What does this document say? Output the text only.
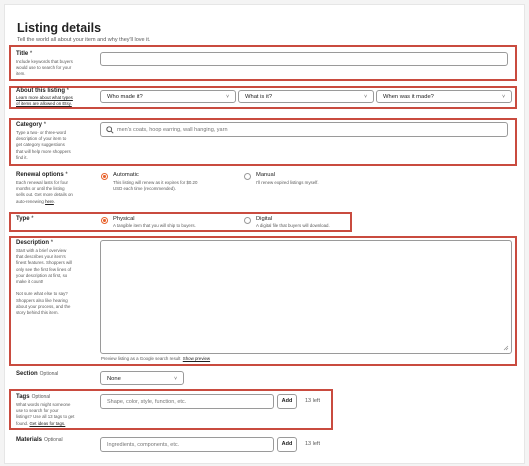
Listing details
Tell the world all about your item and why they'll love it.
Title *
Include keywords that buyers
would use to search for your
item.
About this listing *
Learn more about what types
of items are allowed on Etsy.
Who made it?	˅	What is it?	˅	When was it made?	˅
Category *
Type a two- or three-word
description of your item to
get category suggestions
that will help more shoppers
find it.
men's coats, hoop earring, wall hanging, yarn
Renewal options *
Each renewal lasts for four
months or until the listing
sells out. Get more details on
auto-renewing here.
Automatic
This listing will renew as it expires for $0.20
USD each time (recommended).
Manual
I'll renew expired listings myself.
Type *	Physical
A tangible item that you will ship to buyers.
Digital
A digital file that buyers will download.
Description *
Start with a brief overview
that describes your item's
finest features. Shoppers will
only see the first few lines of
your description at first, so
make it count!

Not sure what else to say?
Shoppers also like hearing
about your process, and the
story behind this item.
Preview listing as a Google search result Show preview
Section Optional
None	˅
Tags Optional
What words might someone
use to search for your
listings? Use all 13 tags to get
found. Get ideas for tags.
Shape, color, style, function, etc.	Add	13 left
Materials Optional
Ingredients, components, etc.	Add	13 left
